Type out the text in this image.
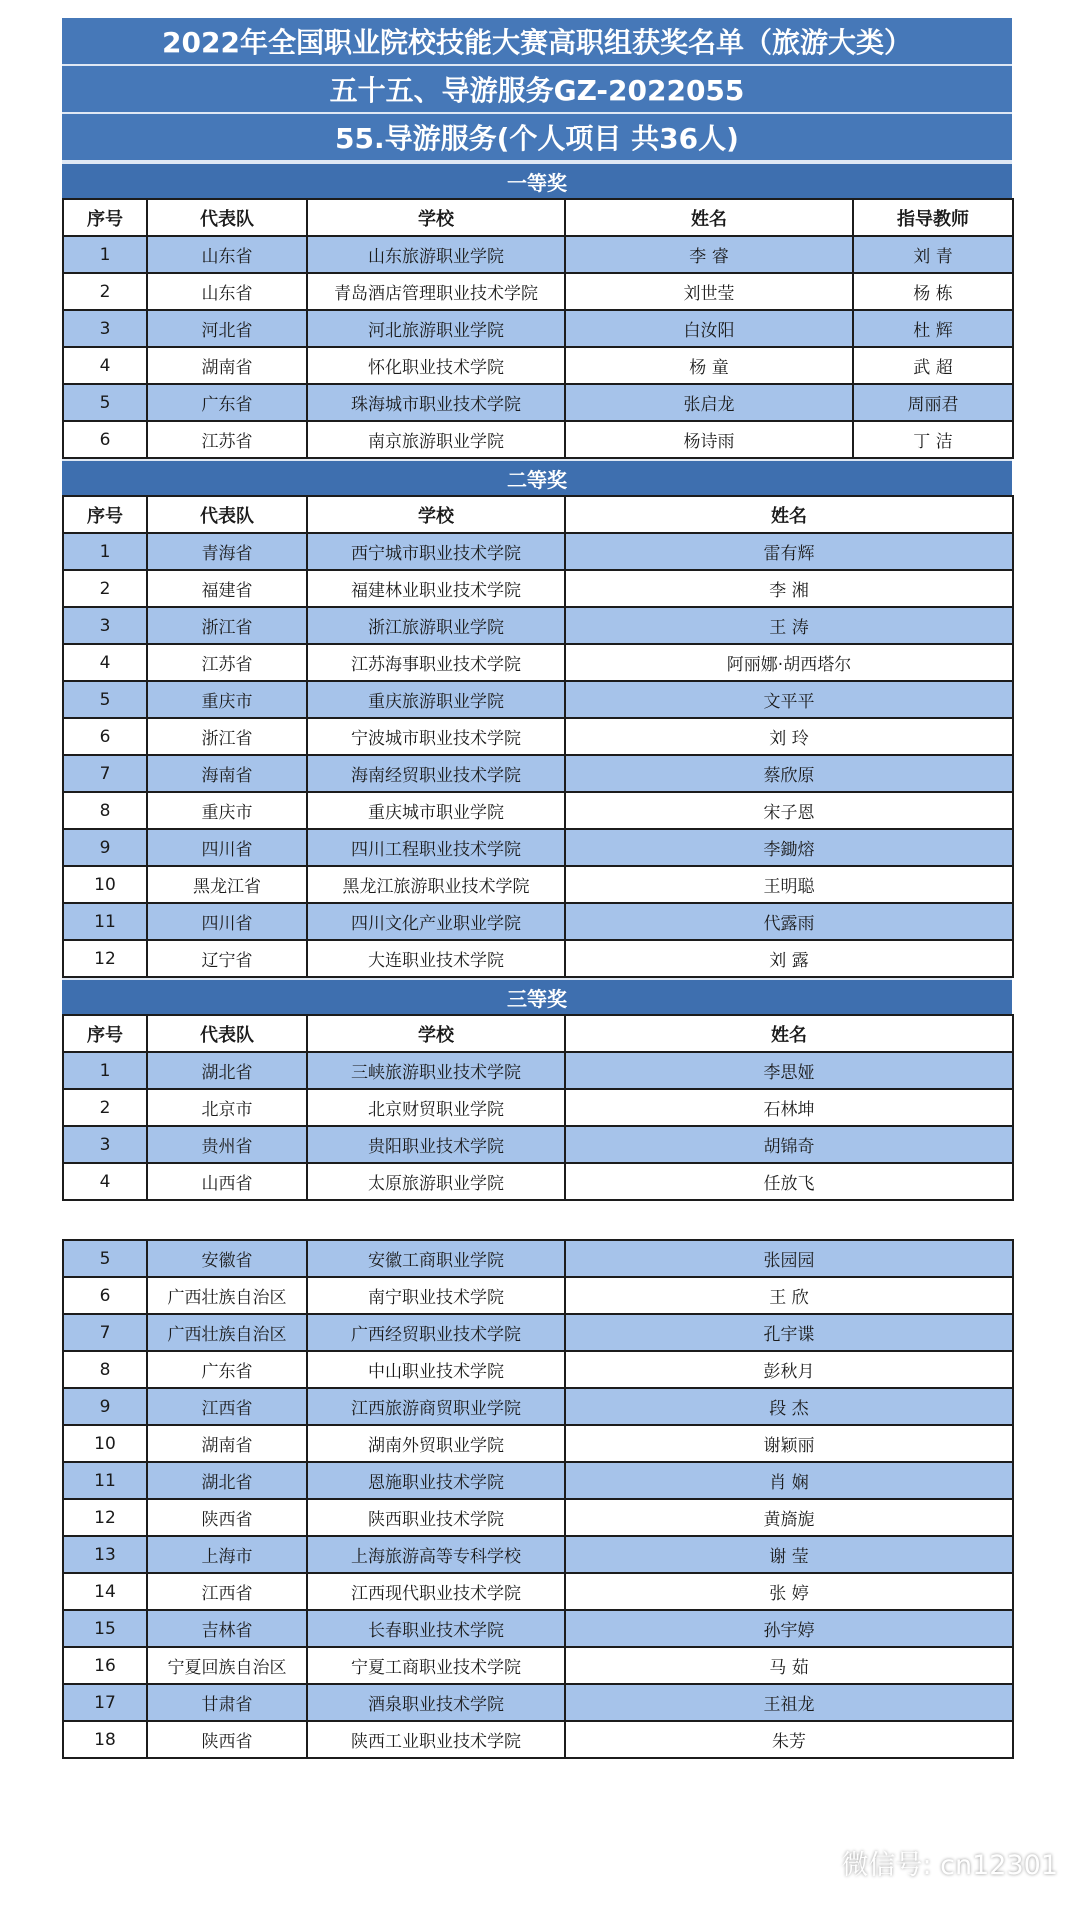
2022年全国职业院校技能大赛高职组获奖名单（旅游大类）
五十五、导游服务GZ-2022055
55.导游服务(个人项目 共36人)
一等奖
序号	代表队	学校	姓名	指导教师
1	山东省	山东旅游职业学院	李 睿	刘 青
2	山东省	青岛酒店管理职业技术学院	刘世莹	杨 栋
3	河北省	河北旅游职业学院	白汝阳	杜 辉
4	湖南省	怀化职业技术学院	杨 童	武 超
5	广东省	珠海城市职业技术学院	张启龙	周丽君
6	江苏省	南京旅游职业学院	杨诗雨	丁 洁
二等奖
序号	代表队	学校	姓名
1	青海省	西宁城市职业技术学院	雷有辉
2	福建省	福建林业职业技术学院	李 湘
3	浙江省	浙江旅游职业学院	王 涛
4	江苏省	江苏海事职业技术学院	阿丽娜·胡西塔尔
5	重庆市	重庆旅游职业学院	文平平
6	浙江省	宁波城市职业技术学院	刘 玲
7	海南省	海南经贸职业技术学院	蔡欣原
8	重庆市	重庆城市职业学院	宋子恩
9	四川省	四川工程职业技术学院	李鋤熔
10	黑龙江省	黑龙江旅游职业技术学院	王明聪
11	四川省	四川文化产业职业学院	代露雨
12	辽宁省	大连职业技术学院	刘 露
三等奖
序号	代表队	学校	姓名
1	湖北省	三峡旅游职业技术学院	李思娅
2	北京市	北京财贸职业学院	石林坤
3	贵州省	贵阳职业技术学院	胡锦奇
4	山西省	太原旅游职业学院	任放飞
5	安徽省	安徽工商职业学院	张园园
6	广西壮族自治区	南宁职业技术学院	王 欣
7	广西壮族自治区	广西经贸职业技术学院	孔宇谍
8	广东省	中山职业技术学院	彭秋月
9	江西省	江西旅游商贸职业学院	段 杰
10	湖南省	湖南外贸职业学院	谢颖丽
11	湖北省	恩施职业技术学院	肖 娴
12	陕西省	陕西职业技术学院	黄旖旎
13	上海市	上海旅游高等专科学校	谢 莹
14	江西省	江西现代职业技术学院	张 婷
15	吉林省	长春职业技术学院	孙宇婷
16	宁夏回族自治区	宁夏工商职业技术学院	马 茹
17	甘肃省	酒泉职业技术学院	王祖龙
18	陕西省	陕西工业职业技术学院	朱芳
微信号: cn12301
